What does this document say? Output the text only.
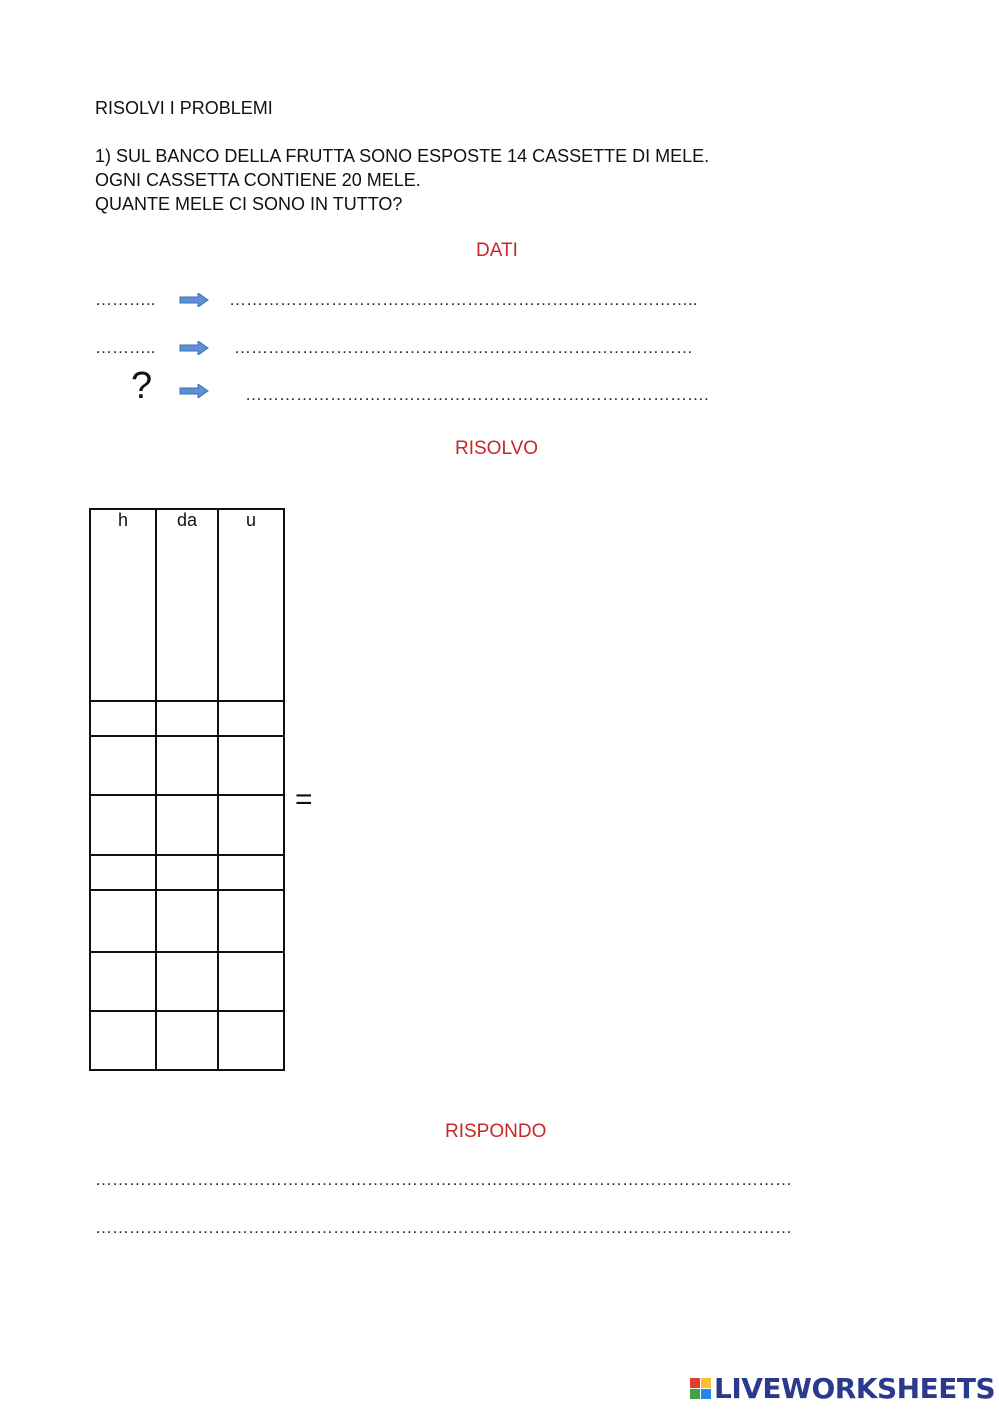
RISOLVI I PROBLEMI
1) SUL BANCO DELLA FRUTTA SONO ESPOSTE 14 CASSETTE DI MELE.
OGNI CASSETTA CONTIENE 20 MELE.
QUANTE MELE CI SONO IN TUTTO?
DATI
………..	………………………………………………………………………..
………..	………………………………………………………………………
?	……………………………………………………………………….
RISOLVO
h	da	u

=
RISPONDO
……………………………………………………………………………………………………………
……………………………………………………………………………………………………………
LIVEWORKSHEETS
